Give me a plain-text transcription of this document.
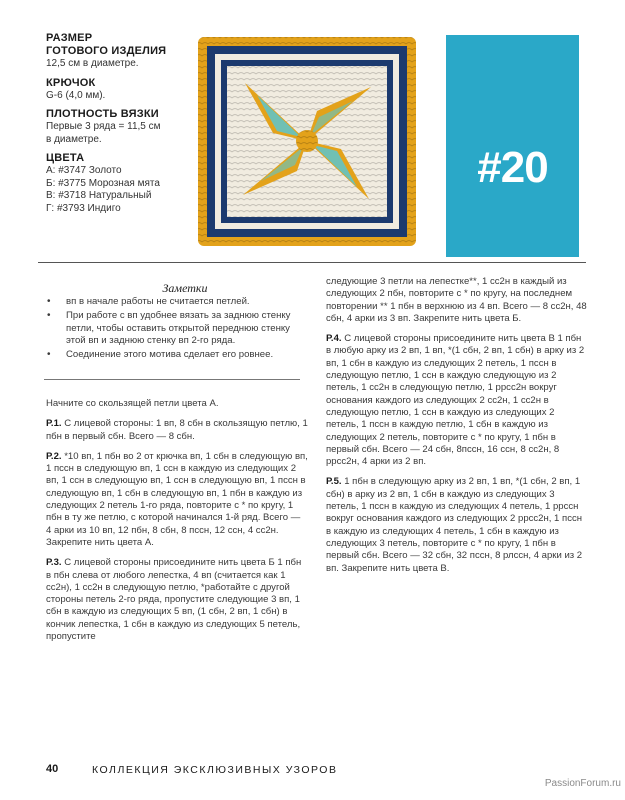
РАЗМЕР
ГОТОВОГО ИЗДЕЛИЯ
12,5 см в диаметре.
КРЮЧОК
G-6 (4,0 мм).
ПЛОТНОСТЬ ВЯЗКИ
Первые 3 ряда = 11,5 см
в диаметре.
ЦВЕТА
А: #3747 Золото
Б: #3775 Морозная мята
В: #3718 Натуральный
Г: #3793 Индиго
#20
Заметки
• вп в начале работы не считается петлей.
• При работе с вп удобнее вязать за заднюю стенку петли, чтобы оставить открытой переднюю стенку этой вп и заднюю стенку вп 2-го ряда.
• Соединение этого мотива сделает его ровнее.

Начните со скользящей петли цвета А.

Р.1. С лицевой стороны: 1 вп, 8 сбн в скользящую петлю, 1 пбн в первый сбн. Всего — 8 сбн.

Р.2. *10 вп, 1 пбн во 2 от крючка вп, 1 сбн в следующую вп, 1 пссн в следующую вп, 1 ссн в каждую из следующих 2 вп, 1 ссн в следующую вп, 1 ссн в следующую вп, 1 пссн в следующую вп, 1 сбн в следующую вп, 1 пбн в каждую из следующих 2 петель 1-го ряда, повторите с * по кругу, 1 пбн в ту же петлю, с которой начинался 1-й ряд. Всего — 4 арки из 10 вп, 12 пбн, 8 сбн, 8 пссн, 12 ссн, 4 сс2н. Закрепите нить цвета А.

Р.3. С лицевой стороны присоедините нить цвета Б 1 пбн в пбн слева от любого лепестка, 4 вп (считается как 1 сс2н), 1 сс2н в следующую петлю, *работайте с другой стороны петель 2-го ряда, пропустите следующие 3 вп, 1 сбн в каждую из следующих 5 вп, (1 сбн, 2 вп, 1 сбн) в кончик лепестка, 1 сбн в каждую из следующих 5 петель, пропустите

следующие 3 петли на лепестке**, 1 сс2н в каждый из следующих 2 пбн, повторите с * по кругу, на последнем повторении ** 1 пбн в верхнюю из 4 вп. Всего — 8 сс2н, 48 сбн, 4 арки из 3 вп. Закрепите нить цвета Б.

Р.4. С лицевой стороны присоедините нить цвета В 1 пбн в любую арку из 2 вп, 1 вп, *(1 сбн, 2 вп, 1 сбн) в арку из 2 вп, 1 сбн в каждую из следующих 2 петель, 1 пссн в следующую петлю, 1 ссн в каждую следующую из 2 петель, 1 сс2н в следующую петлю, 1 ррсс2н вокруг основания каждого из следующих 2 сс2н, 1 сс2н в следующую петлю, 1 ссн в каждую из следующих 2 петель, 1 пссн в каждую петлю, 1 сбн в каждую из следующих 2 петель, повторите с * по кругу, 1 пбн в первый сбн. Всего — 24 сбн, 8пссн, 16 ссн, 8 сс2н, 8 ррсс2н, 4 арки из 2 вп.

Р.5. 1 пбн в следующую арку из 2 вп, 1 вп, *(1 сбн, 2 вп, 1 сбн) в арку из 2 вп, 1 сбн в каждую из следующих 3 петель, 1 пссн в каждую из следующих 4 петель, 1 ррссн вокруг основания каждого из следующих 2 ррсс2н, 1 пссн в каждую из следующих 4 петель, 1 сбн в каждую из следующих 3 петель, повторите с * по кругу, 1 пбн в первый сбн. Всего — 32 сбн, 32 пссн, 8 рлссн, 4 арки из 2 вп. Закрепите нить цвета В.

40	КОЛЛЕКЦИЯ ЭКСКЛЮЗИВНЫХ УЗОРОВ
PassionForum.ru
